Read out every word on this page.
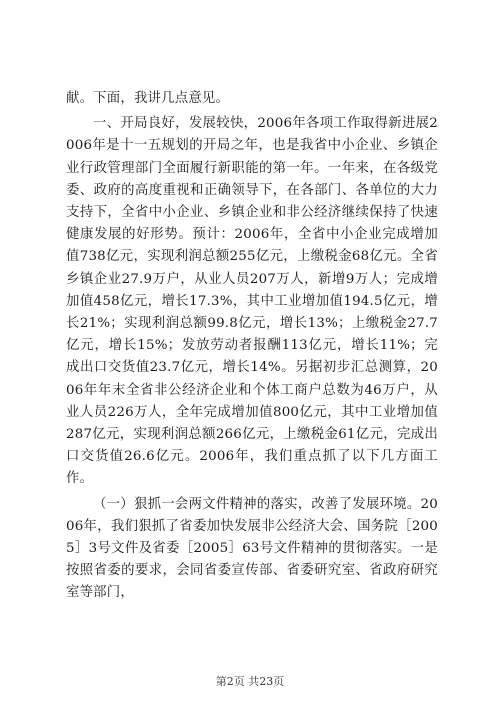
献。下面，我讲几点意见。

一、开局良好，发展较快，2006年各项工作取得新进展2006年是十一五规划的开局之年，也是我省中小企业、乡镇企业行政管理部门全面履行新职能的第一年。一年来，在各级党委、政府的高度重视和正确领导下，在各部门、各单位的大力支持下，全省中小企业、乡镇企业和非公经济继续保持了快速健康发展的好形势。预计：2006年，全省中小企业完成增加值738亿元，实现利润总额255亿元，上缴税金68亿元。全省乡镇企业27.9万户，从业人员207万人，新增9万人；完成增加值458亿元，增长17.3%，其中工业增加值194.5亿元，增长21%；实现利润总额99.8亿元，增长13%；上缴税金27.7亿元，增长15%；发放劳动者报酬113亿元，增长11%；完成出口交货值23.7亿元，增长14%。另据初步汇总测算，2006年年末全省非公经济企业和个体工商户总数为46万户，从业人员226万人，全年完成增加值800亿元，其中工业增加值287亿元，实现利润总额266亿元，上缴税金61亿元，完成出口交货值26.6亿元。2006年，我们重点抓了以下几方面工作。

（一）狠抓一会两文件精神的落实，改善了发展环境。2006年，我们狠抓了省委加快发展非公经济大会、国务院［2005］3号文件及省委［2005］63号文件精神的贯彻落实。一是按照省委的要求，会同省委宣传部、省委研究室、省政府研究室等部门，

第2页 共23页
